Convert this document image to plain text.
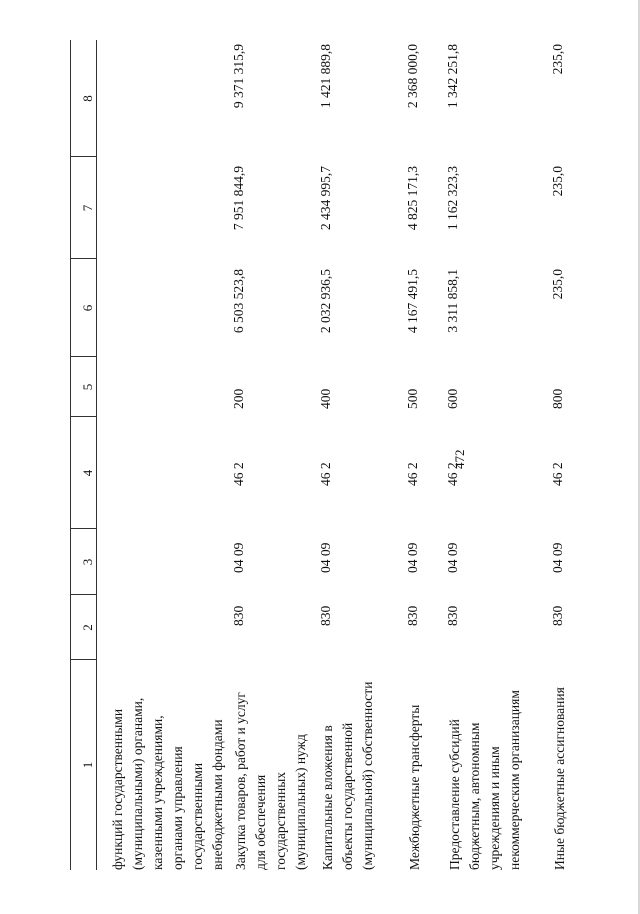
472
1
2
3
4
5
6
7
8
функций государственными (муниципальными) органами, казенными учреждениями, органами управления государственными внебюджетными фондами Закупка товаров, работ и услуг для обеспечения государственных (муниципальных) нужд
830
04 09
46 2
200
6 503 523,8
7 951 844,9
9 371 315,9
Капитальные вложения в объекты государственной (муниципальной) собственности
830
04 09
46 2
400
2 032 936,5
2 434 995,7
1 421 889,8
Межбюджетные трансферты
830
04 09
46 2
500
4 167 491,5
4 825 171,3
2 368 000,0
Предоставление субсидий бюджетным, автономным учреждениям и иным некоммерческим организациям
830
04 09
46 2
600
3 311 858,1
1 162 323,3
1 342 251,8
Иные бюджетные ассигнования
830
04 09
46 2
800
235,0
235,0
235,0
